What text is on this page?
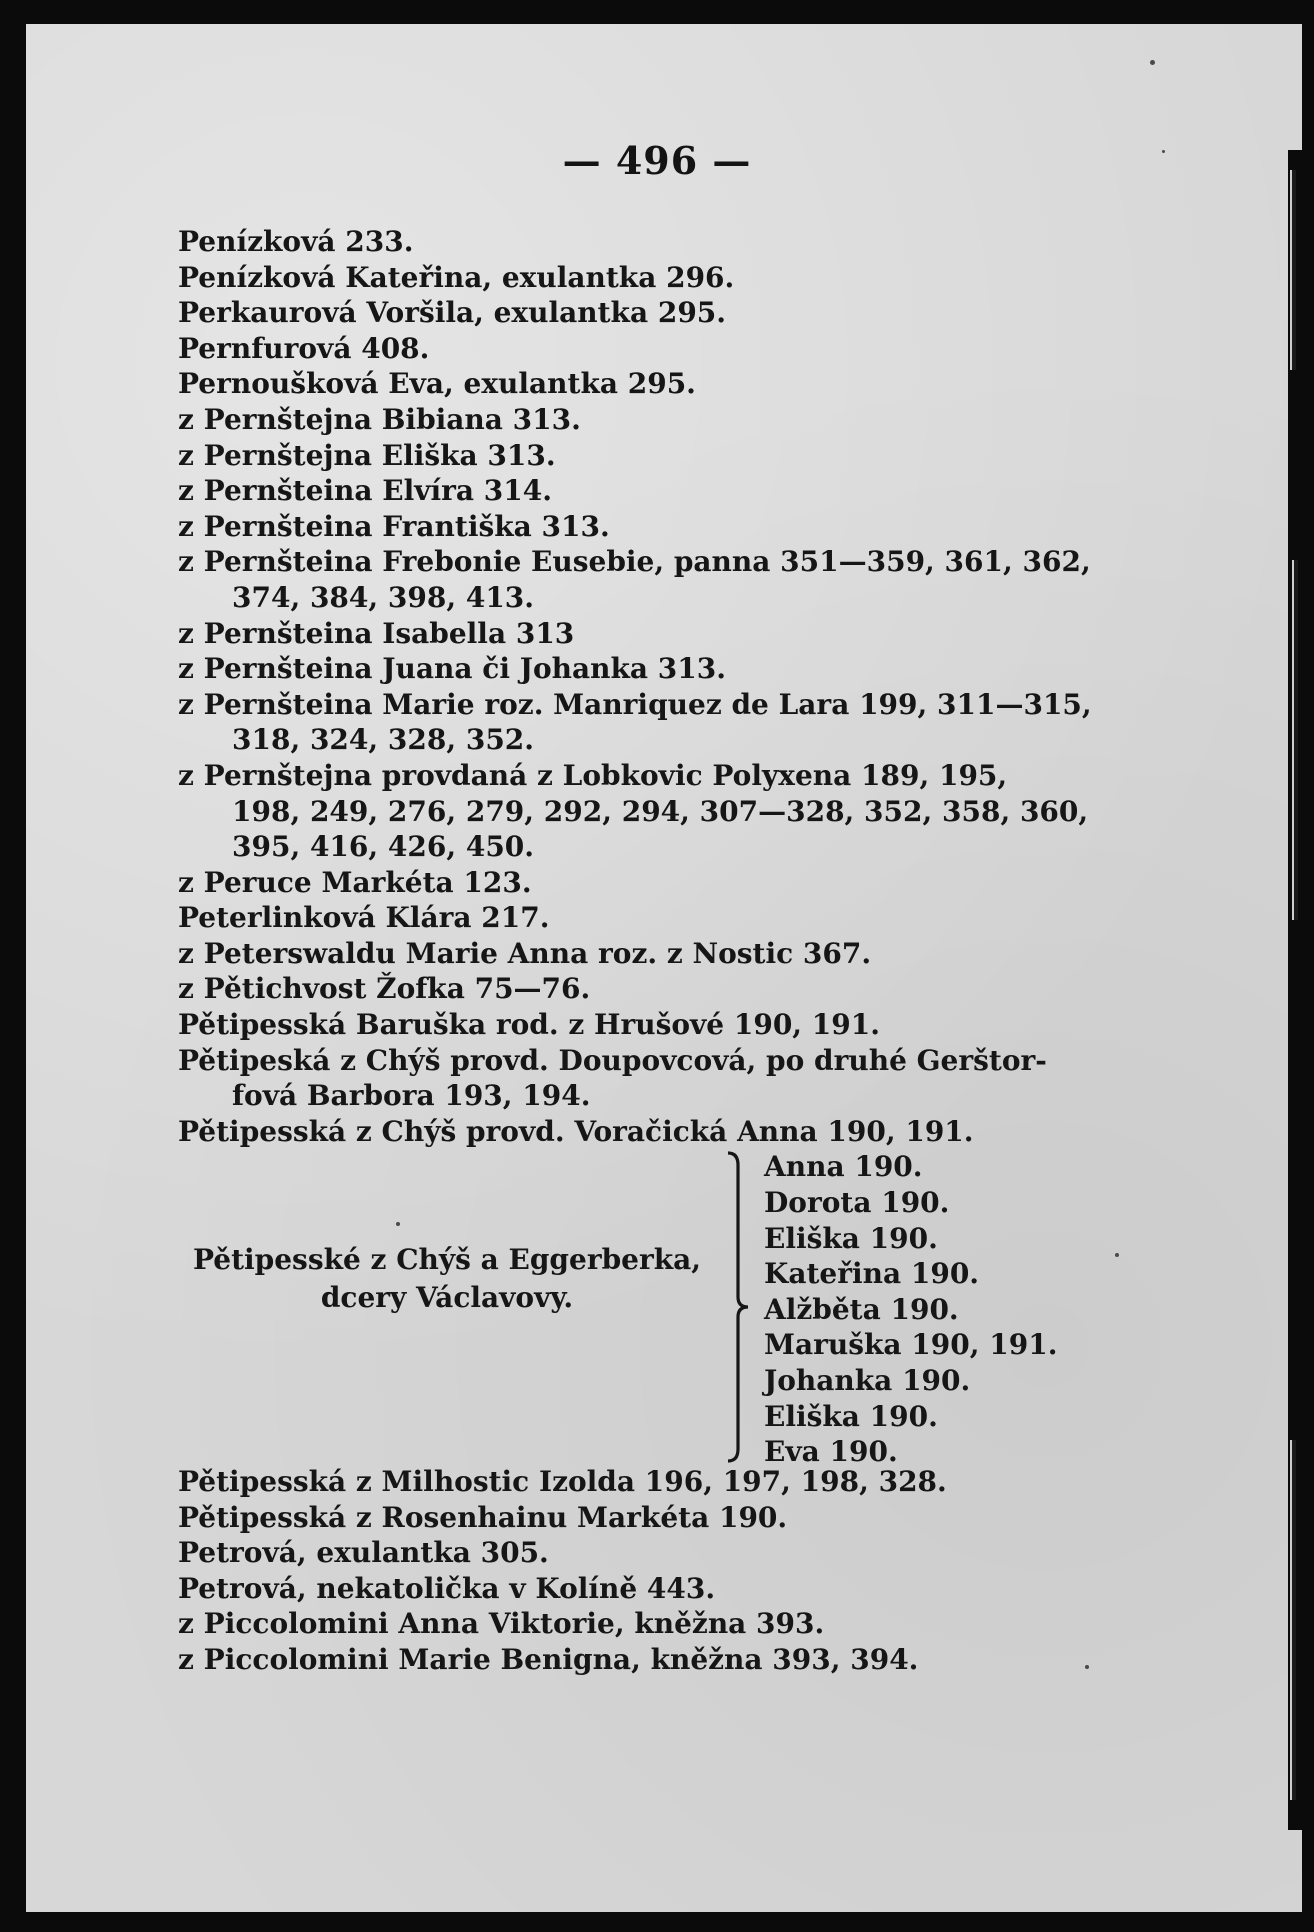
— 496 —
Penízková 233.
Penízková Kateřina, exulantka 296.
Perkaurová Voršila, exulantka 295.
Pernfurová 408.
Pernoušková Eva, exulantka 295.
z Pernštejna Bibiana 313.
z Pernštejna Eliška 313.
z Pernšteina Elvíra 314.
z Pernšteina Františka 313.
z Pernšteina Frebonie Eusebie, panna 351—359, 361, 362,
374, 384, 398, 413.
z Pernšteina Isabella 313
z Pernšteina Juana či Johanka 313.
z Pernšteina Marie roz. Manriquez de Lara 199, 311—315,
318, 324, 328, 352.
z Pernštejna provdaná z Lobkovic Polyxena 189, 195,
198, 249, 276, 279, 292, 294, 307—328, 352, 358, 360,
395, 416, 426, 450.
z Peruce Markéta 123.
Peterlinková Klára 217.
z Peterswaldu Marie Anna roz. z Nostic 367.
z Pětichvost Žofka 75—76.
Pětipesská Baruška rod. z Hrušové 190, 191.
Pětipeská z Chýš provd. Doupovcová, po druhé Gerštor-
fová Barbora 193, 194.
Pětipesská z Chýš provd. Voračická Anna 190, 191.
Pětipesské z Chýš a Eggerberka,
dcery Václavovy.
Anna 190.
Dorota 190.
Eliška 190.
Kateřina 190.
Alžběta 190.
Maruška 190, 191.
Johanka 190.
Eliška 190.
Eva 190.
Pětipesská z Milhostic Izolda 196, 197, 198, 328.
Pětipesská z Rosenhainu Markéta 190.
Petrová, exulantka 305.
Petrová, nekatolička v Kolíně 443.
z Piccolomini Anna Viktorie, kněžna 393.
z Piccolomini Marie Benigna, kněžna 393, 394.
